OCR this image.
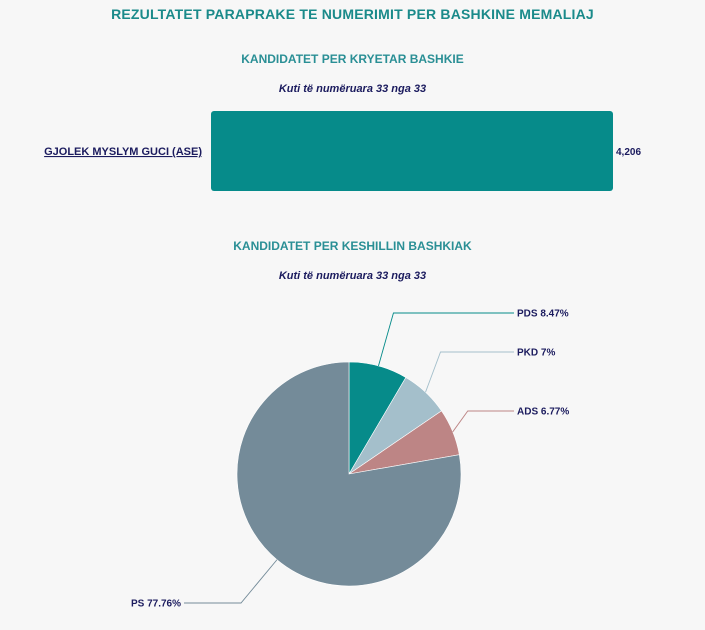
REZULTATET PARAPRAKE TE NUMERIMIT PER BASHKINE MEMALIAJ
KANDIDATET PER KRYETAR BASHKIE
Kuti të numëruara 33 nga 33
KANDIDATET PER KESHILLIN BASHKIAK
Kuti të numëruara 33 nga 33
GJOLEK MYSLYM GUCI (ASE)	4,206
PDS 8.47%
PKD 7%
ADS 6.77%
PS 77.76%
